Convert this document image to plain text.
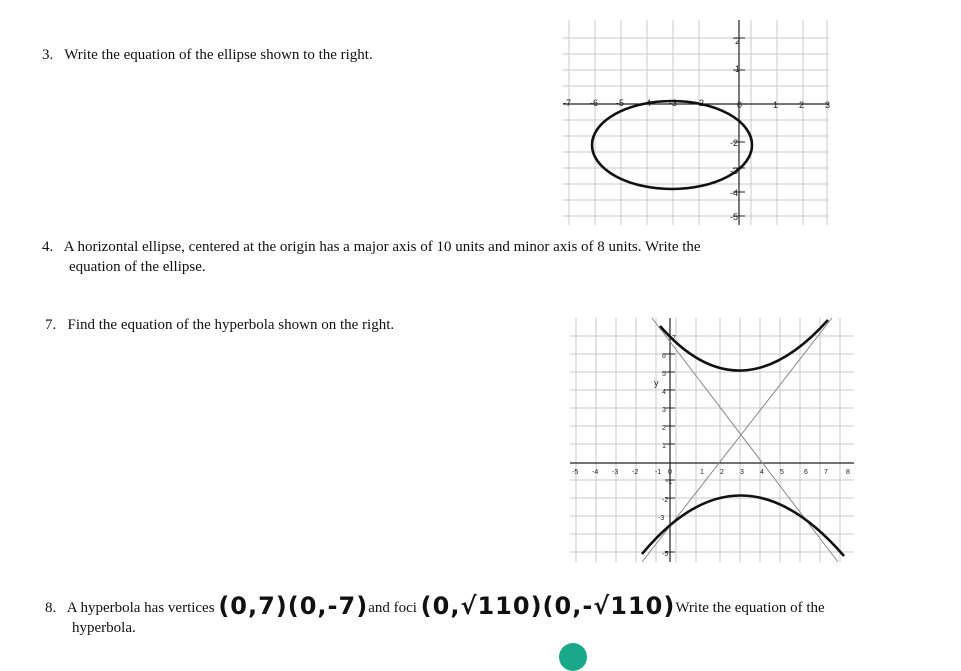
3. Write the equation of the ellipse shown to the right.
-7 -6 -5 -4 -3 -2	0	1 2 3
2
1
-2
-3
-4
-5
4. A horizontal ellipse, centered at the origin has a major axis of 10 units and minor axis of 8 units. Write the
equation of the ellipse.
7. Find the equation of the hyperbola shown on the right.
y
-5 -4 -3 -2 -1 0	1 2 3 4 5	6 7	8
7
6
5
4
3
2
1
-1
-2
-3
-5
8. A hyperbola has vertices (0,7)(0,-7)and foci (0,√110)(0,-√110)Write the equation of the
hyperbola.
